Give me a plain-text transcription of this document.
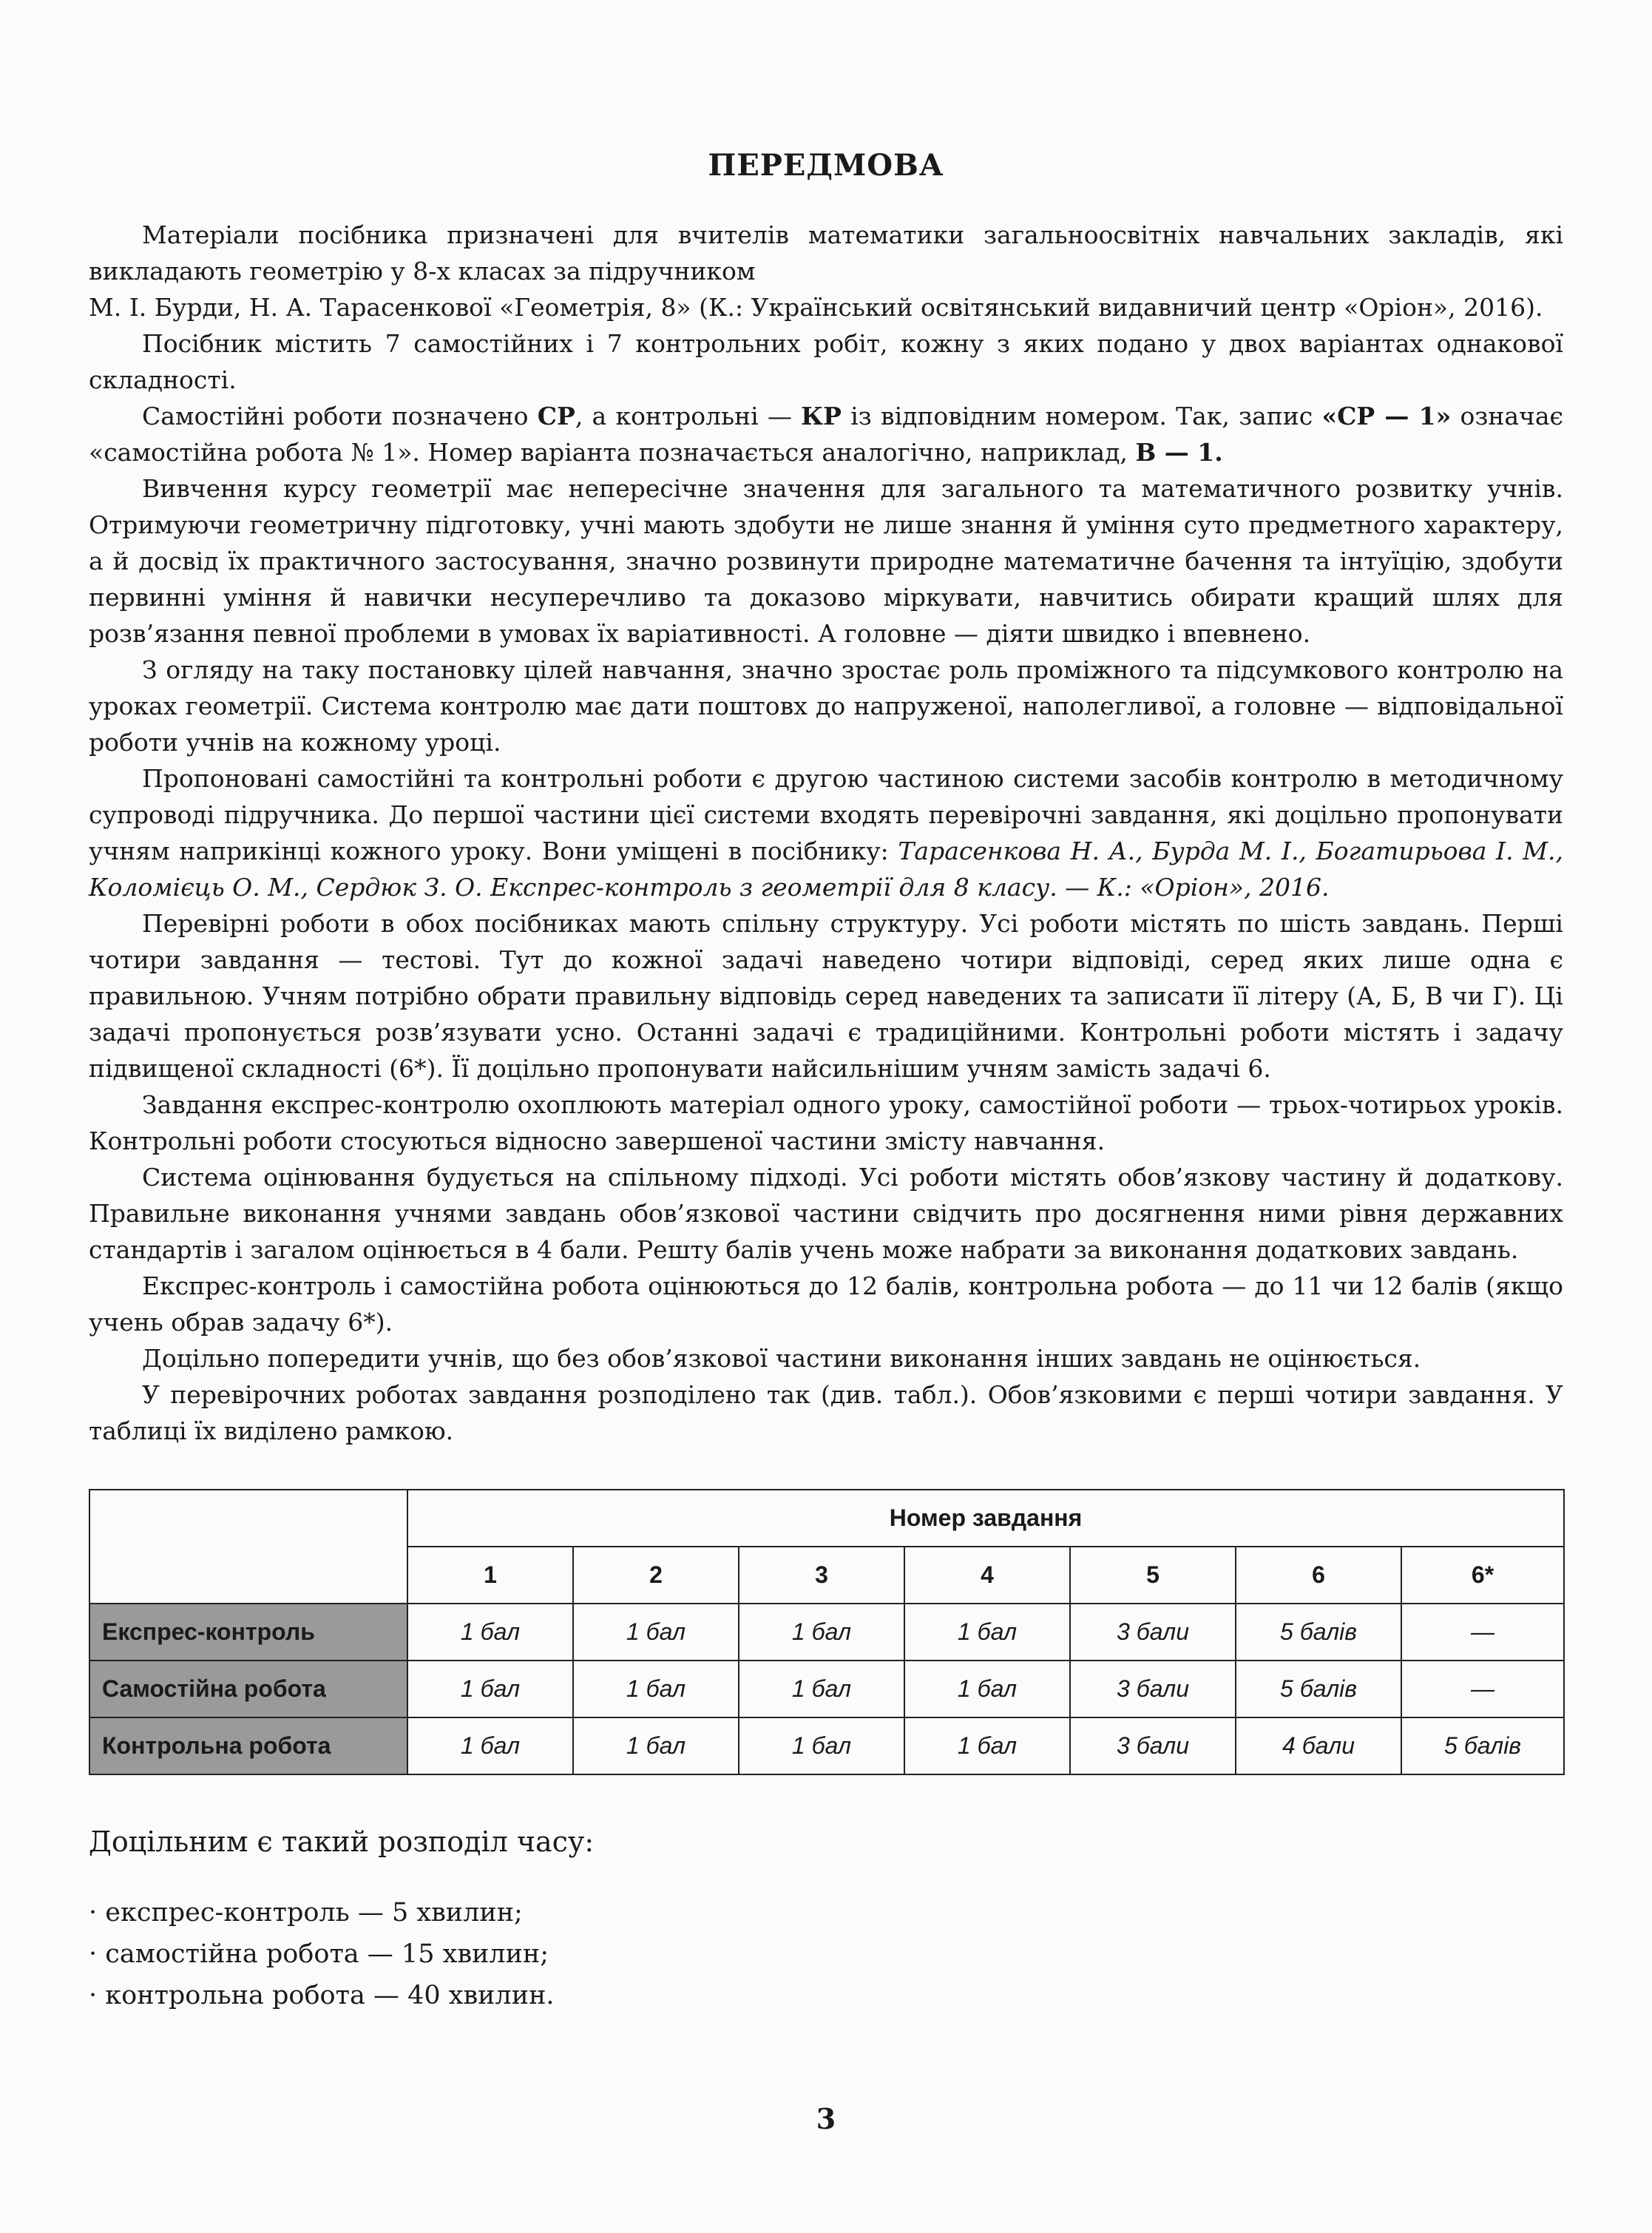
ПЕРЕДМОВА

Матеріали посібника призначені для вчителів математики загальноосвітніх навчальних закладів, які викладають геометрію у 8-х класах за підручником

М. І. Бурди, Н. А. Тарасенкової «Геометрія, 8» (К.: Український освітянський видавничий центр «Оріон», 2016).

Посібник містить 7 самостійних і 7 контрольних робіт, кожну з яких подано у двох варіантах однакової складності.

Самостійні роботи позначено СР, а контрольні — КР із відповідним номером. Так, запис «СР — 1» означає «самостійна робота № 1». Номер варіанта позначається аналогічно, наприклад, В — 1.

Вивчення курсу геометрії має непересічне значення для загального та математичного розвитку учнів. Отримуючи геометричну підготовку, учні мають здобути не лише знання й уміння суто предметного характеру, а й досвід їх практичного застосування, значно розвинути природне математичне бачення та інтуїцію, здобути первинні уміння й навички несуперечливо та доказово міркувати, навчитись обирати кращий шлях для розв’язання певної проблеми в умовах їх варіативності. А головне — діяти швидко і впевнено.

З огляду на таку постановку цілей навчання, значно зростає роль проміжного та підсумкового контролю на уроках геометрії. Система контролю має дати поштовх до напруженої, наполегливої, а головне — відповідальної роботи учнів на кожному уроці.

Пропоновані самостійні та контрольні роботи є другою частиною системи засобів контролю в методичному супроводі підручника. До першої частини цієї системи входять перевірочні завдання, які доцільно пропонувати учням наприкінці кожного уроку. Вони уміщені в посібнику: Тарасенкова Н. А., Бурда М. І., Богатирьова І. М., Коломієць О. М., Сердюк З. О. Експрес-контроль з геометрії для 8 класу. — К.: «Оріон», 2016.

Перевірні роботи в обох посібниках мають спільну структуру. Усі роботи містять по шість завдань. Перші чотири завдання — тестові. Тут до кожної задачі наведено чотири відповіді, серед яких лише одна є правильною. Учням потрібно обрати правильну відповідь серед наведених та записати її літеру (А, Б, В чи Г). Ці задачі пропонується розв’язувати усно. Останні задачі є традиційними. Контрольні роботи містять і задачу підвищеної складності (6*). Її доцільно пропонувати найсильнішим учням замість задачі 6.

Завдання експрес-контролю охоплюють матеріал одного уроку, самостійної роботи — трьох-чотирьох уроків. Контрольні роботи стосуються відносно завершеної частини змісту навчання.

Система оцінювання будується на спільному підході. Усі роботи містять обов’язкову частину й додаткову. Правильне виконання учнями завдань обов’язкової частини свідчить про досягнення ними рівня державних стандартів і загалом оцінюється в 4 бали. Решту балів учень може набрати за виконання додаткових завдань.

Експрес-контроль і самостійна робота оцінюються до 12 балів, контрольна робота — до 11 чи 12 балів (якщо учень обрав задачу 6*).

Доцільно попередити учнів, що без обов’язкової частини виконання інших завдань не оцінюється.

У перевірочних роботах завдання розподілено так (див. табл.). Обов’язковими є перші чотири завдання. У таблиці їх виділено рамкою.

	Номер завдання						
	1	2	3	4	5	6	6*
Експрес-контроль	1 бал	1 бал	1 бал	1 бал	3 бали	5 балів	—
Самостійна робота	1 бал	1 бал	1 бал	1 бал	3 бали	5 балів	—
Контрольна робота	1 бал	1 бал	1 бал	1 бал	3 бали	4 бали	5 балів

Доцільним є такий розподіл часу:

· експрес-контроль — 5 хвилин;

· самостійна робота — 15 хвилин;

· контрольна робота — 40 хвилин.

3
